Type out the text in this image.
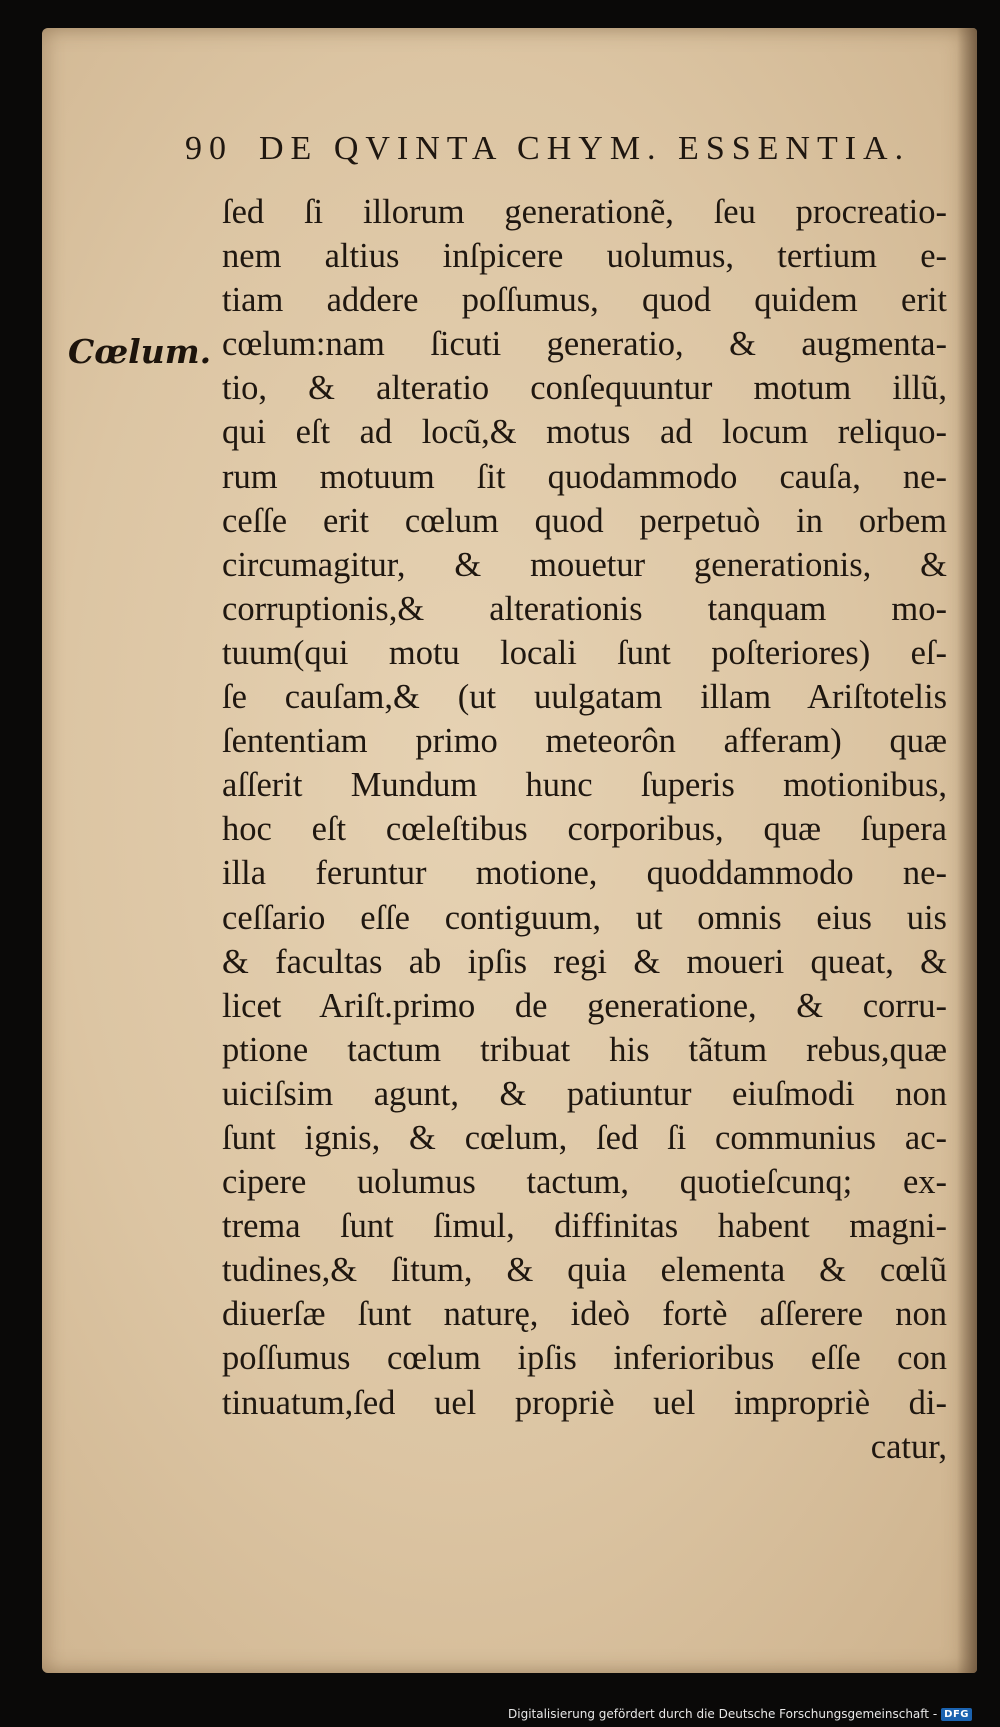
90 DE QVINTA CHYM. ESSENTIA.
Cœlum.
ſed ſi illorum generationẽ, ſeu procreatio-
nem altius inſpicere uolumus, tertium e-
tiam addere poſſumus, quod quidem erit
cœlum:nam ſicuti generatio, & augmenta-
tio, & alteratio conſequuntur motum illũ,
qui eſt ad locũ,& motus ad locum reliquo-
rum motuum ſit quodammodo cauſa, ne-
ceſſe erit cœlum quod perpetuò in orbem
circumagitur, & mouetur generationis, &
corruptionis,& alterationis tanquam mo-
tuum(qui motu locali ſunt poſteriores) eſ-
ſe cauſam,& (ut uulgatam illam Ariſtotelis
ſententiam primo meteorôn afferam) quæ
aſſerit Mundum hunc ſuperis motionibus,
hoc eſt cœleſtibus corporibus, quæ ſupera
illa feruntur motione, quoddammodo ne-
ceſſario eſſe contiguum, ut omnis eius uis
& facultas ab ipſis regi & moueri queat, &
licet Ariſt.primo de generatione, & corru-
ptione tactum tribuat his tãtum rebus,quæ
uiciſsim agunt, & patiuntur eiuſmodi non
ſunt ignis, & cœlum, ſed ſi communius ac-
cipere uolumus tactum, quotieſcunq; ex-
trema ſunt ſimul, diffinitas habent magni-
tudines,& ſitum, & quia elementa & cœlũ
diuerſæ ſunt naturę, ideò fortè aſſerere non
poſſumus cœlum ipſis inferioribus eſſe con
tinuatum,ſed uel propriè uel impropriè di-
catur,
Digitalisierung gefördert durch die Deutsche Forschungsgemeinschaft - DFG
